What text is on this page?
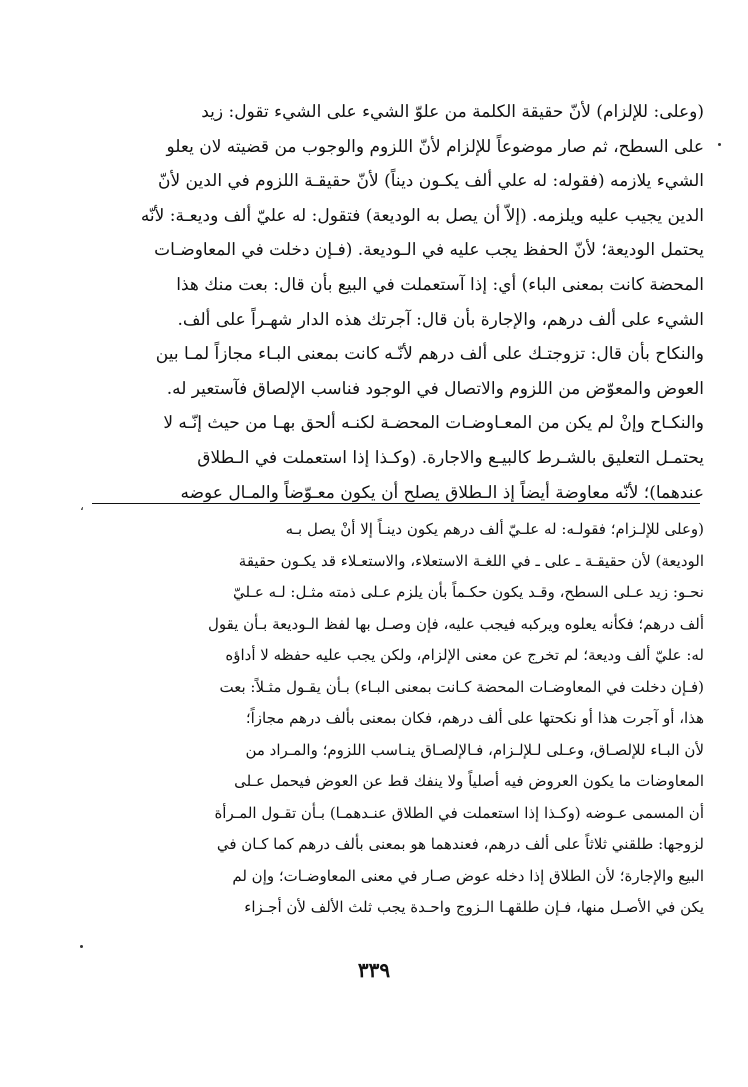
(وعلى: للإلزام) لأنّ حقيقة الكلمة من علوّ الشيء على الشيء تقول: زيد
على السطح، ثم صار موضوعاً للإلزام لأنّ اللزوم والوجوب من قضيته لان يعلو
الشيء يلازمه (فقوله: له علي ألف يكـون ديناً) لأنّ حقيقـة اللزوم في الدين لأنّ
الدين يجيب عليه ويلزمه. (إلاّ أن يصل به الوديعة) فتقول: له عليّ ألف وديعـة: لأنّه
يحتمل الوديعة؛ لأنّ الحفظ يجب عليه في الـوديعة. (فـإن دخلت في المعاوضـات
المحضة كانت بمعنى الباء) أي: إذا آستعملت في البيع بأن قال: بعت منك هذا
الشيء على ألف درهم، والإجارة بأن قال: آجرتك هذه الدار شهـراً على ألف.
والنكاح بأن قال: تزوجتـك على ألف درهم لأنّـه كانت بمعنى البـاء مجازاً لمـا بين
العوض والمعوّض من اللزوم والاتصال في الوجود فناسب الإلصاق فآستعير له.
والنكـاح وإنْ لم يكن من المعـاوضـات المحضـة لكنـه ألحق بهـا من حيث إنّـه لا
يحتمـل التعليق بالشـرط كالبيـع والاجارة. (وكـذا إذا استعملت في الـطلاق
عندهما)؛ لأنّه معاوضة أيضاً إذ الـطلاق يصلح أن يكون معـوّضاً والمـال عوضه
،
(وعلى للإلـزام؛ فقولـه: له علـيّ ألف درهم يكون دينـاً إلا أنْ يصل بـه
الوديعة) لأن حقيقـة ـ على ـ في اللغـة الاستعلاء، والاستعـلاء قد يكـون حقيقة
نحـو: زيد عـلى السطح، وقـد يكون حكـماً بأن يلزم عـلى ذمته مثـل: لـه عـليّ
ألف درهم؛ فكأنه يعلوه ويركبه فيجب عليه، فإن وصـل بها لفظ الـوديعة بـأن يقول
له: عليّ ألف وديعة؛ لم تخرج عن معنى الإلزام، ولكن يجب عليه حفظه لا أداؤه
(فـإن دخلت في المعاوضـات المحضة كـانت بمعنى البـاء) بـأن يقـول مثـلاً: بعت
هذا، أو آجرت هذا أو نكحتها على ألف درهم، فكان بمعنى بألف درهم مجازاً؛
لأن البـاء للإلصـاق، وعـلى لـلإلـزام، فـالإلصـاق ينـاسب اللزوم؛ والمـراد من
المعاوضات ما يكون العروض فيه أصلياً ولا ينفك قط عن العوض فيحمل عـلى
أن المسمى عـوضه (وكـذا إذا استعملت في الطلاق عنـدهمـا) بـأن تقـول المـرأة
لزوجها: طلقني ثلاثاً على ألف درهم، فعندهما هو بمعنى بألف درهم كما كـان في
البيع والإجارة؛ لأن الطلاق إذا دخله عوض صـار في معنى المعاوضـات؛ وإن لم
يكن في الأصـل منها، فـإن طلقهـا الـزوج واحـدة يجب ثلث الألف لأن أجـزاء
٣٣٩
